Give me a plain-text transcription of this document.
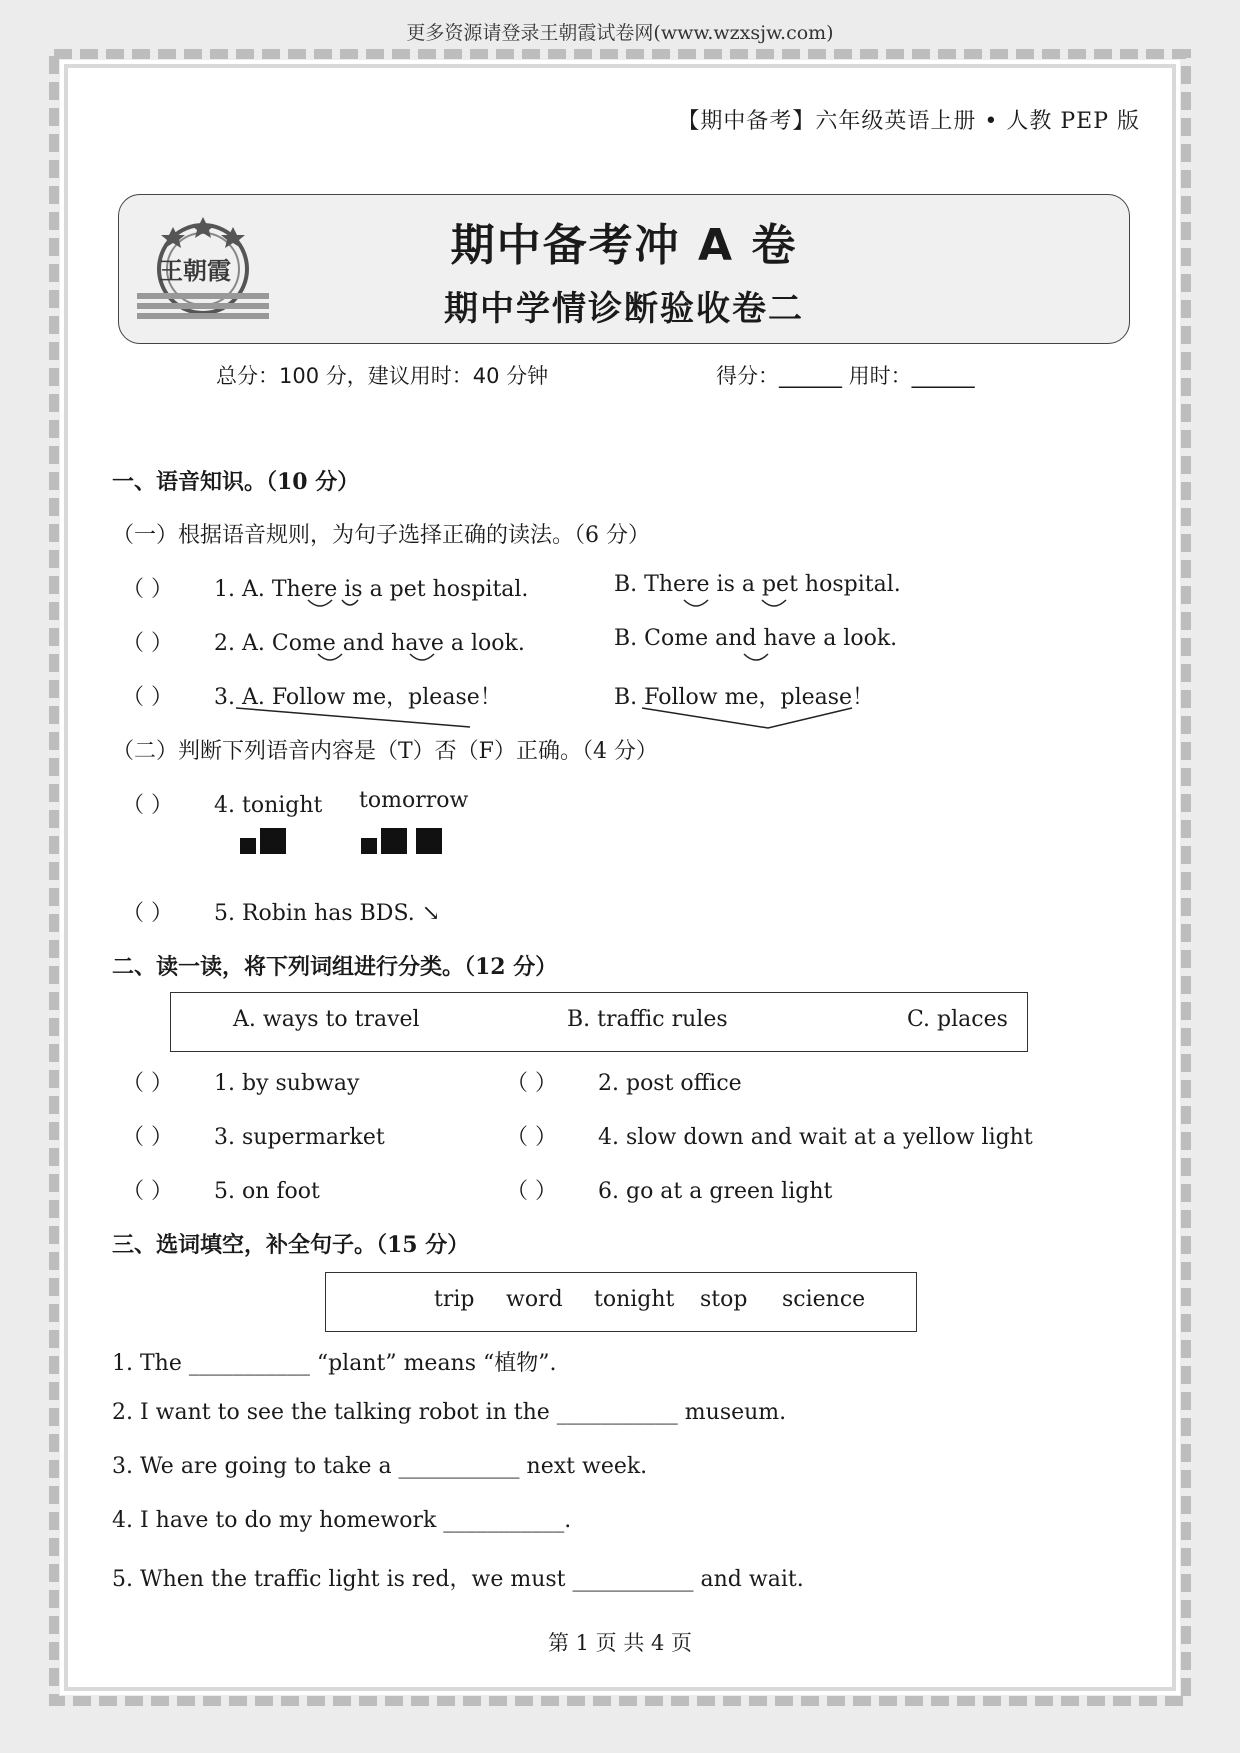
更多资源请登录王朝霞试卷网(www.wzxsjw.com)
【期中备考】六年级英语上册 • 人教 PEP 版
王朝霞	期中备考冲 A 卷
期中学情诊断验收卷二
总分：100 分，建议用时：40 分钟	得分：______ 用时：______
一、语音知识。（10 分）
（一）根据语音规则，为句子选择正确的读法。（6 分）
（ ） 1. A. There is a pet hospital.	B. There is a pet hospital.
（ ） 2. A. Come and have a look.	B. Come and have a look.
（ ） 3. A. Follow me，please！	B. Follow me，please！
（二）判断下列语音内容是（T）否（F）正确。（4 分）
（ ） 4. tonight tomorrow
（ ） 5. Robin has BDS. ↘
二、读一读，将下列词组进行分类。（12 分）
A. ways to travel	B. traffic rules	C. places
（ ） 1. by subway	（ ） 2. post office
（ ） 3. supermarket	（ ） 4. slow down and wait at a yellow light
（ ） 5. on foot	（ ） 6. go at a green light
三、选词填空，补全句子。（15 分）
trip word tonight stop science
1. The ___________ “plant” means “植物”.
2. I want to see the talking robot in the ___________ museum.
3. We are going to take a ___________ next week.
4. I have to do my homework ___________.
5. When the traffic light is red，we must ___________ and wait.
第 1 页 共 4 页
